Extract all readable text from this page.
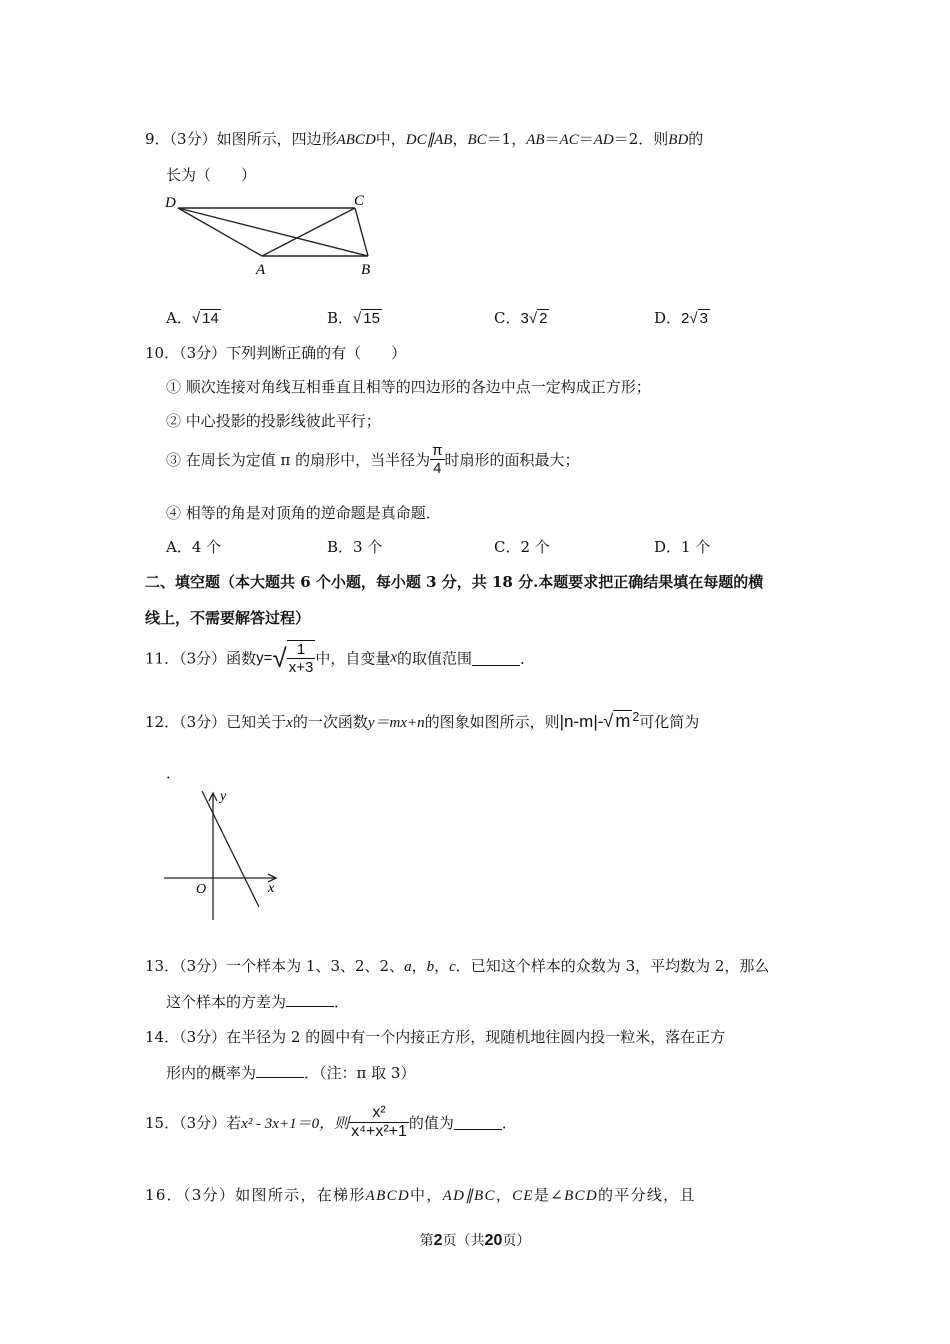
9．（3分）如图所示，四边形ABCD中，DC∥AB，BC＝1，AB＝AC＝AD＝2．则BD的
长为（　　）
D	C
A	B
A．√ 14	B．√ 15	C．3√ 2	D．2√ 3
10．（3分）下列判断正确的有（　　）
① 顺次连接对角线互相垂直且相等的四边形的各边中点一定构成正方形；
② 中心投影的投影线彼此平行；
③ 在周长为定值 π 的扇形中，当半径为 $\frac{\pi}{4}$ 时扇形的面积最大；
④ 相等的角是对顶角的逆命题是真命题．
A．4 个	B．3 个	C．2 个	D．1 个
二、填空题（本大题共 6 个小题，每小题 3 分，共 18 分.本题要求把正确结果填在每题的横
线上，不需要解答过程）
11．（3分）函数$y=√ \frac{1}{x+3}$ 中，自变量x的取值范围	．
12．（3分）已知关于x的一次函数y＝mx+n的图象如图所示，则|n-m|-√ m $^2$可化简为
．
y
x
O
13．（3分）一个样本为 1、3、2、2、a，b，c．已知这个样本的众数为 3，平均数为 2，那么
这个样本的方差为	．
14．（3分）在半径为 2 的圆中有一个内接正方形，现随机地往圆内投一粒米，落在正方
形内的概率为	．（注：π 取 3）
15．（3分）若x² - 3x+1＝0，则 $\frac{\text{x²}}{\text{x⁴+x²+1}}$ 的值为	．
16．（3分）如图所示，在梯形ABCD中，AD∥BC，CE是∠BCD的平分线，且
第2页（共20页）
